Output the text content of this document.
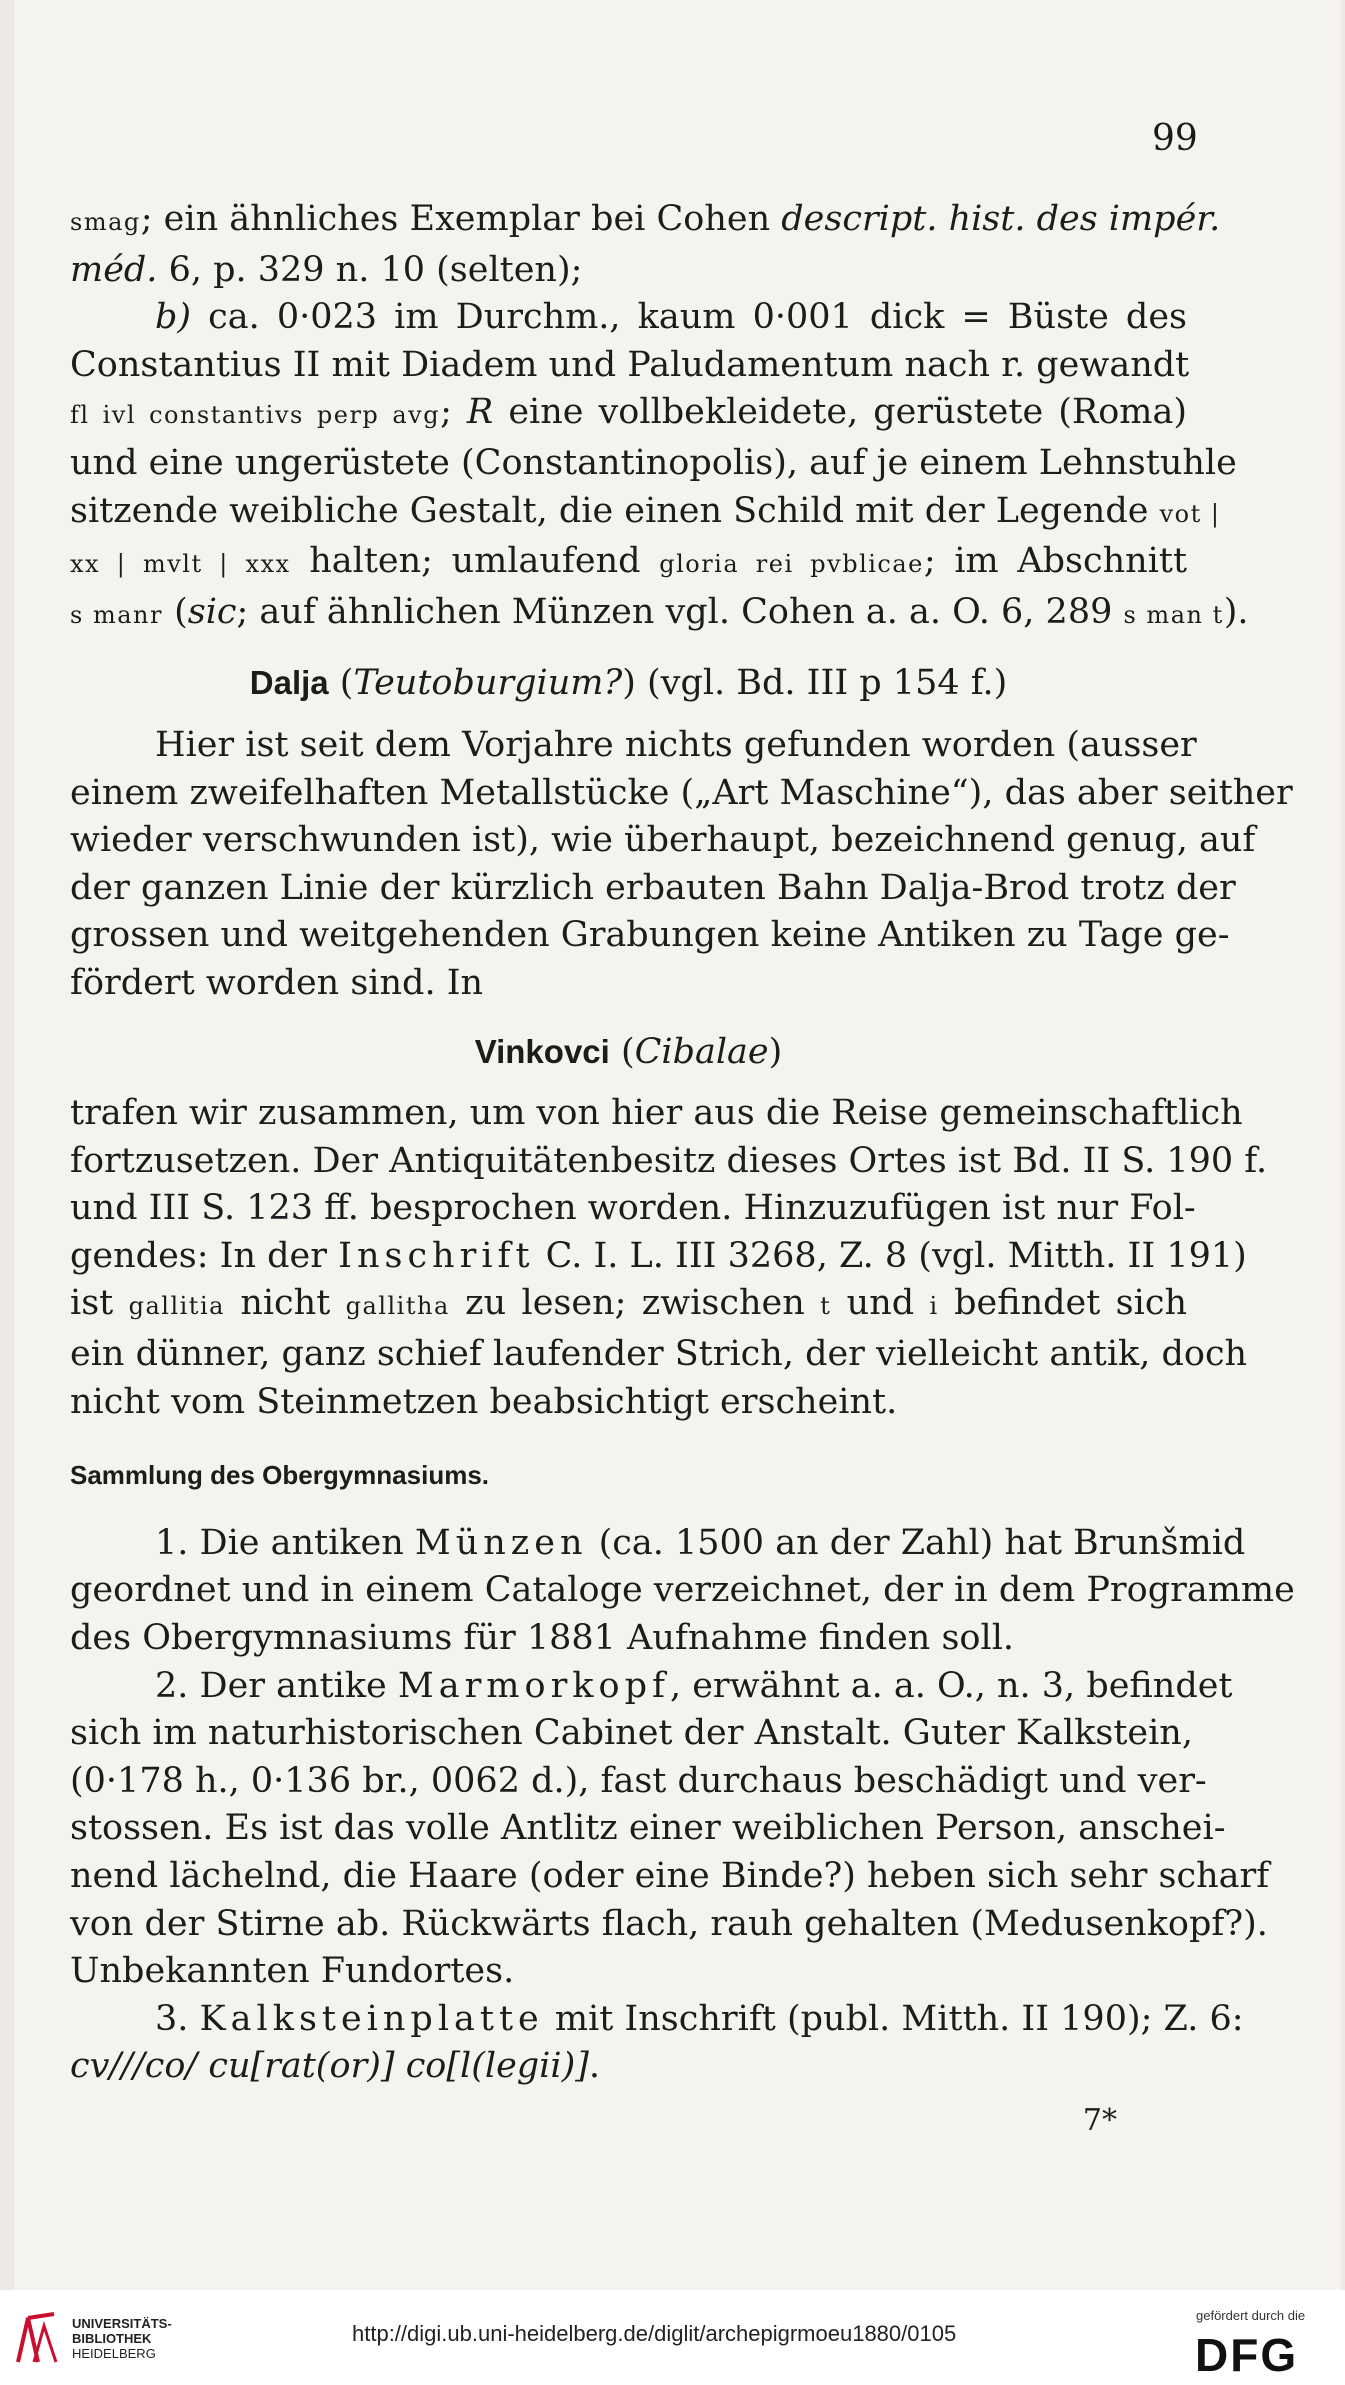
99
smag; ein ähnliches Exemplar bei Cohen descript. hist. des impér.
méd. 6, p. 329 n. 10 (selten);
b) ca. 0·023 im Durchm., kaum 0·001 dick = Büste des
Constantius II mit Diadem und Paludamentum nach r. gewandt
fl ivl constantivs perp avg; R eine vollbekleidete, gerüstete (Roma)
und eine ungerüstete (Constantinopolis), auf je einem Lehnstuhle
sitzende weibliche Gestalt, die einen Schild mit der Legende vot |
xx | mvlt | xxx halten; umlaufend gloria rei pvblicae; im Abschnitt
s manr (sic; auf ähnlichen Münzen vgl. Cohen a. a. O. 6, 289 s man t).
Dalja (Teutoburgium?) (vgl. Bd. III p 154 f.)
Hier ist seit dem Vorjahre nichts gefunden worden (ausser
einem zweifelhaften Metallstücke („Art Maschine“), das aber seither
wieder verschwunden ist), wie überhaupt, bezeichnend genug, auf
der ganzen Linie der kürzlich erbauten Bahn Dalja-Brod trotz der
grossen und weitgehenden Grabungen keine Antiken zu Tage ge-
fördert worden sind. In
Vinkovci (Cibalae)
trafen wir zusammen, um von hier aus die Reise gemeinschaftlich
fortzusetzen. Der Antiquitätenbesitz dieses Ortes ist Bd. II S. 190 f.
und III S. 123 ff. besprochen worden. Hinzuzufügen ist nur Fol-
gendes: In der Inschrift C. I. L. III 3268, Z. 8 (vgl. Mitth. II 191)
ist gallitia nicht gallitha zu lesen; zwischen t und i befindet sich
ein dünner, ganz schief laufender Strich, der vielleicht antik, doch
nicht vom Steinmetzen beabsichtigt erscheint.
Sammlung des Obergymnasiums.
1. Die antiken Münzen (ca. 1500 an der Zahl) hat Brunšmid
geordnet und in einem Cataloge verzeichnet, der in dem Programme
des Obergymnasiums für 1881 Aufnahme finden soll.
2. Der antike Marmorkopf, erwähnt a. a. O., n. 3, befindet
sich im naturhistorischen Cabinet der Anstalt. Guter Kalkstein,
(0·178 h., 0·136 br., 0062 d.), fast durchaus beschädigt und ver-
stossen. Es ist das volle Antlitz einer weiblichen Person, anschei-
nend lächelnd, die Haare (oder eine Binde?) heben sich sehr scharf
von der Stirne ab. Rückwärts flach, rauh gehalten (Medusenkopf?).
Unbekannten Fundortes.
3. Kalksteinplatte mit Inschrift (publ. Mitth. II 190); Z. 6:
cv///co/ cu[rat(or)] co[l(legii)].
7*
UNIVERSITÄTS-
BIBLIOTHEK
HEIDELBERG
http://digi.ub.uni-heidelberg.de/diglit/archepigrmoeu1880/0105
gefördert durch die
DFG
